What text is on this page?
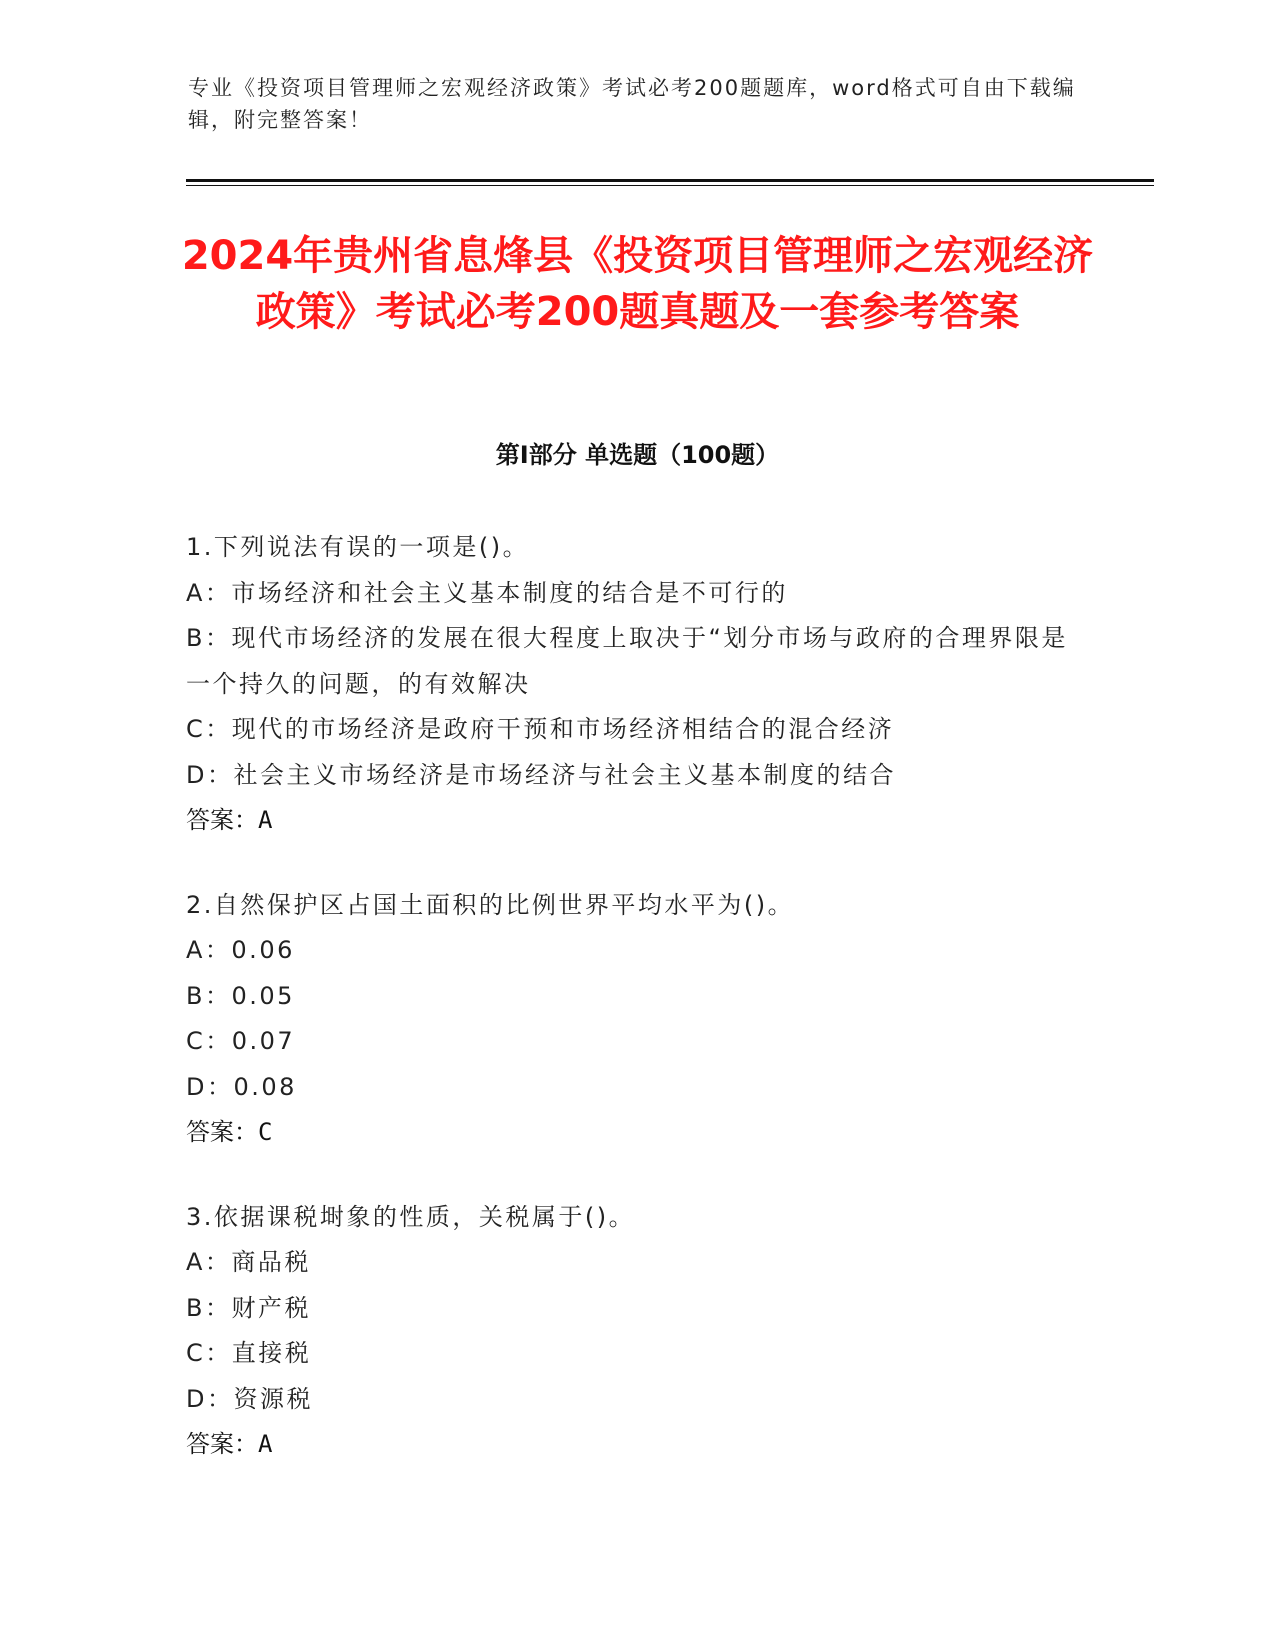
专业《投资项目管理师之宏观经济政策》考试必考200题题库，word格式可自由下载编辑，附完整答案！
2024年贵州省息烽县《投资项目管理师之宏观经济政策》考试必考200题真题及一套参考答案
第I部分 单选题（100题）

1.下列说法有误的一项是()。

A：市场经济和社会主义基本制度的结合是不可行的

B：现代市场经济的发展在很大程度上取决于“划分市场与政府的合理界限是一个持久的问题，的有效解决

C：现代的市场经济是政府干预和市场经济相结合的混合经济

D：社会主义市场经济是市场经济与社会主义基本制度的结合

答案：A

2.自然保护区占国土面积的比例世界平均水平为()。

A：0.06

B：0.05

C：0.07

D：0.08

答案：C

3.依据课税埘象的性质，关税属于()。

A：商品税

B：财产税

C：直接税

D：资源税

答案：A
